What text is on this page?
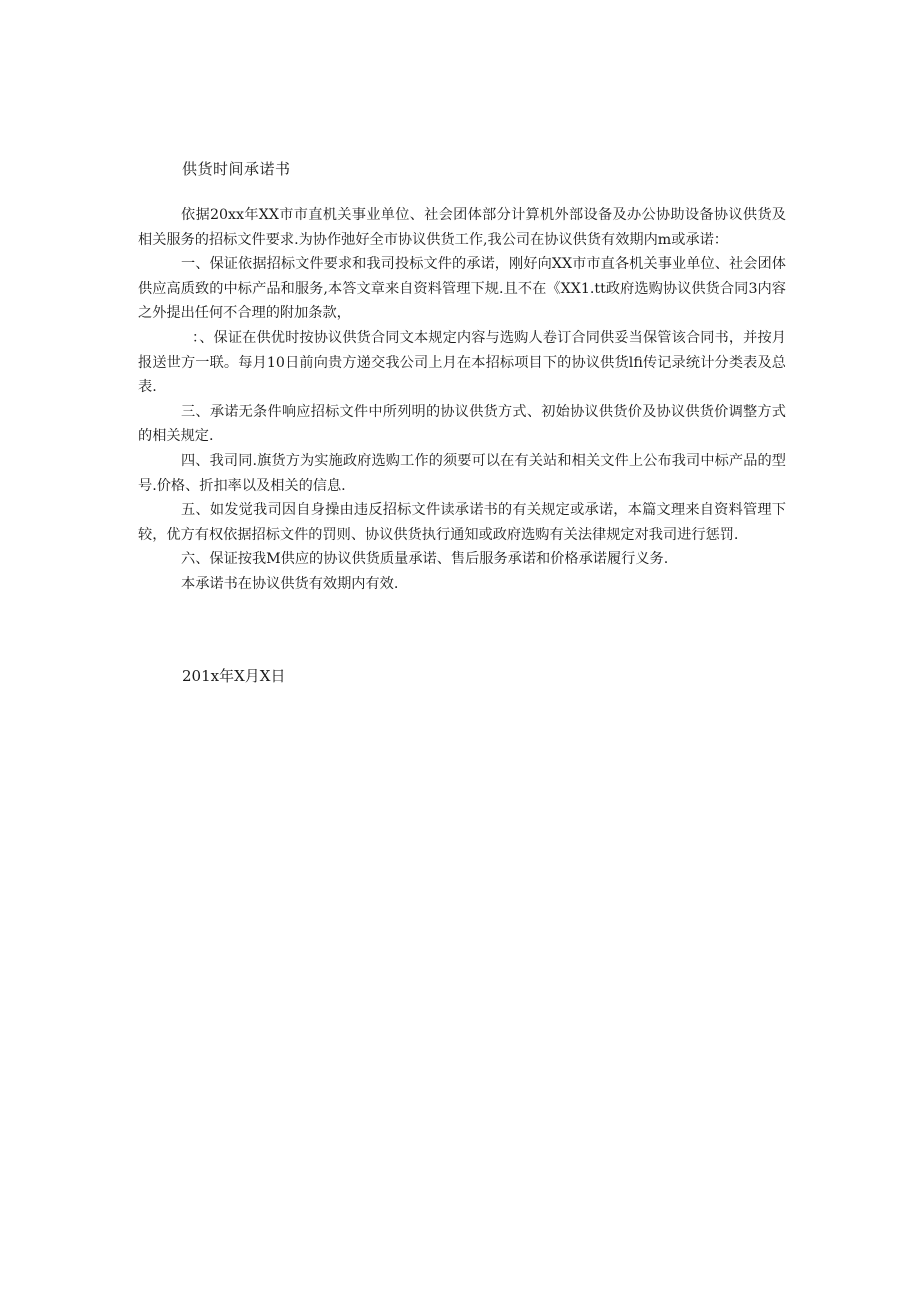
供货时间承诺书

依据20xx年XX市市直机关事业单位、社会团体部分计算机外部设备及办公协助设备协议供货及相关服务的招标文件要求.为协作弛好全市协议供货工作,我公司在协议供货有效期内m或承诺：

一、保证依据招标文件要求和我司投标文件的承诺，刚好向XX市市直各机关事业单位、社会团体供应高质致的中标产品和服务,本答文章来自资料管理下规.且不在《XX1.tt政府选购协议供货合同3内容之外提出任何不合理的附加条款，

：、保证在供优时按协议供货合同文本规定内容与选购人卷订合同供妥当保管该合同书，并按月报送世方一联。每月10日前向贵方递交我公司上月在本招标项目下的协议供货lfi传记录统计分类表及总表.

三、承诺无条件响应招标文件中所列明的协议供货方式、初始协议供货价及协议供货价调整方式的相关规定.

四、我司同.旗货方为实施政府选购工作的须要可以在有关站和相关文件上公布我司中标产品的型号.价格、折扣率以及相关的信息.

五、如发觉我司因自身操由违反招标文件读承诺书的有关规定或承诺，本篇文理来自资料管理下较，优方有权依据招标文件的罚则、协议供货执行通知或政府选购有关法律规定对我司进行惩罚.

六、保证按我M供应的协议供货质量承诺、售后服务承诺和价格承诺履行义务.

本承诺书在协议供货有效期内有效.

201x年X月X日
